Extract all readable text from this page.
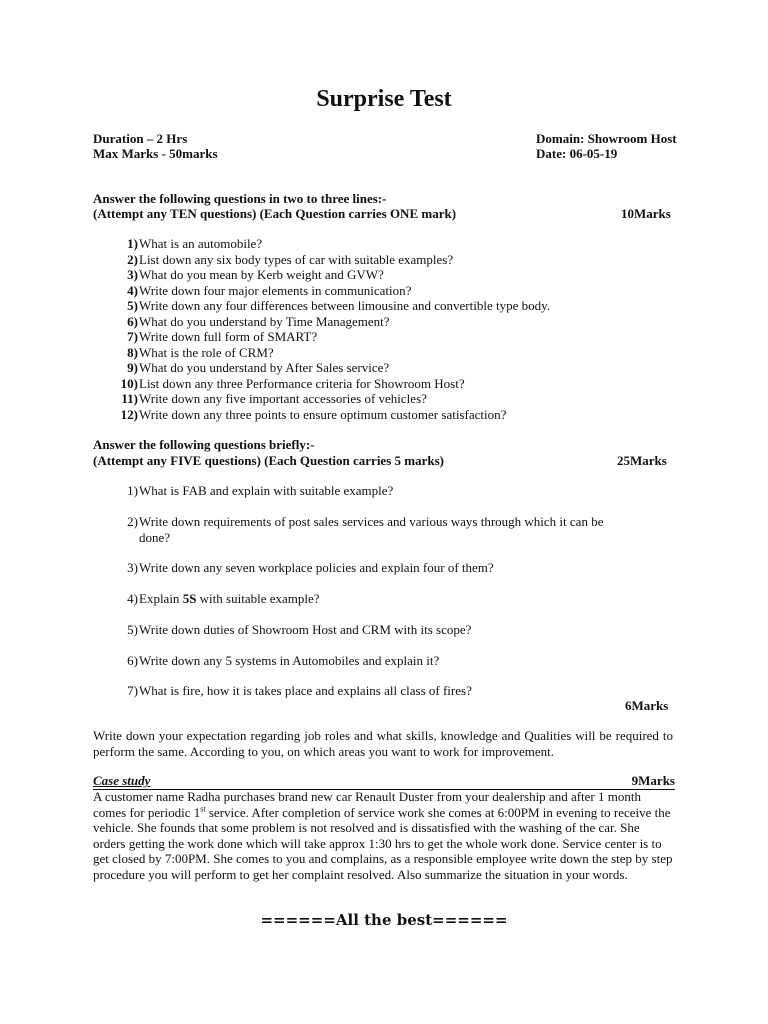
Surprise Test
Duration – 2 Hrs
Max Marks - 50marks
Domain: Showroom Host
Date: 06-05-19
Answer the following questions in two to three lines:-
(Attempt any TEN questions) (Each Question carries ONE mark)	10Marks
1) What is an automobile?
2) List down any six body types of car with suitable examples?
3) What do you mean by Kerb weight and GVW?
4) Write down four major elements in communication?
5) Write down any four differences between limousine and convertible type body.
6) What do you understand by Time Management?
7) Write down full form of SMART?
8) What is the role of CRM?
9) What do you understand by After Sales service?
10) List down any three Performance criteria for Showroom Host?
11) Write down any five important accessories of vehicles?
12) Write down any three points to ensure optimum customer satisfaction?
Answer the following questions briefly:-
(Attempt any FIVE questions) (Each Question carries 5 marks)	25Marks
1) What is FAB and explain with suitable example?
2) Write down requirements of post sales services and various ways through which it can be
done?
3) Write down any seven workplace policies and explain four of them?
4) Explain 5S with suitable example?
5) Write down duties of Showroom Host and CRM with its scope?
6) Write down any 5 systems in Automobiles and explain it?
7) What is fire, how it is takes place and explains all class of fires?
6Marks
Write down your expectation regarding job roles and what skills, knowledge and Qualities will be required to perform the same. According to you, on which areas you want to work for improvement.
Case study	9Marks
A customer name Radha purchases brand new car Renault Duster from your dealership and after 1 month comes for periodic 1st service. After completion of service work she comes at 6:00PM in evening to receive the vehicle. She founds that some problem is not resolved and is dissatisfied with the washing of the car. She orders getting the work done which will take approx 1:30 hrs to get the whole work done. Service center is to get closed by 7:00PM. She comes to you and complains, as a responsible employee write down the step by step procedure you will perform to get her complaint resolved. Also summarize the situation in your words.
======All the best======
